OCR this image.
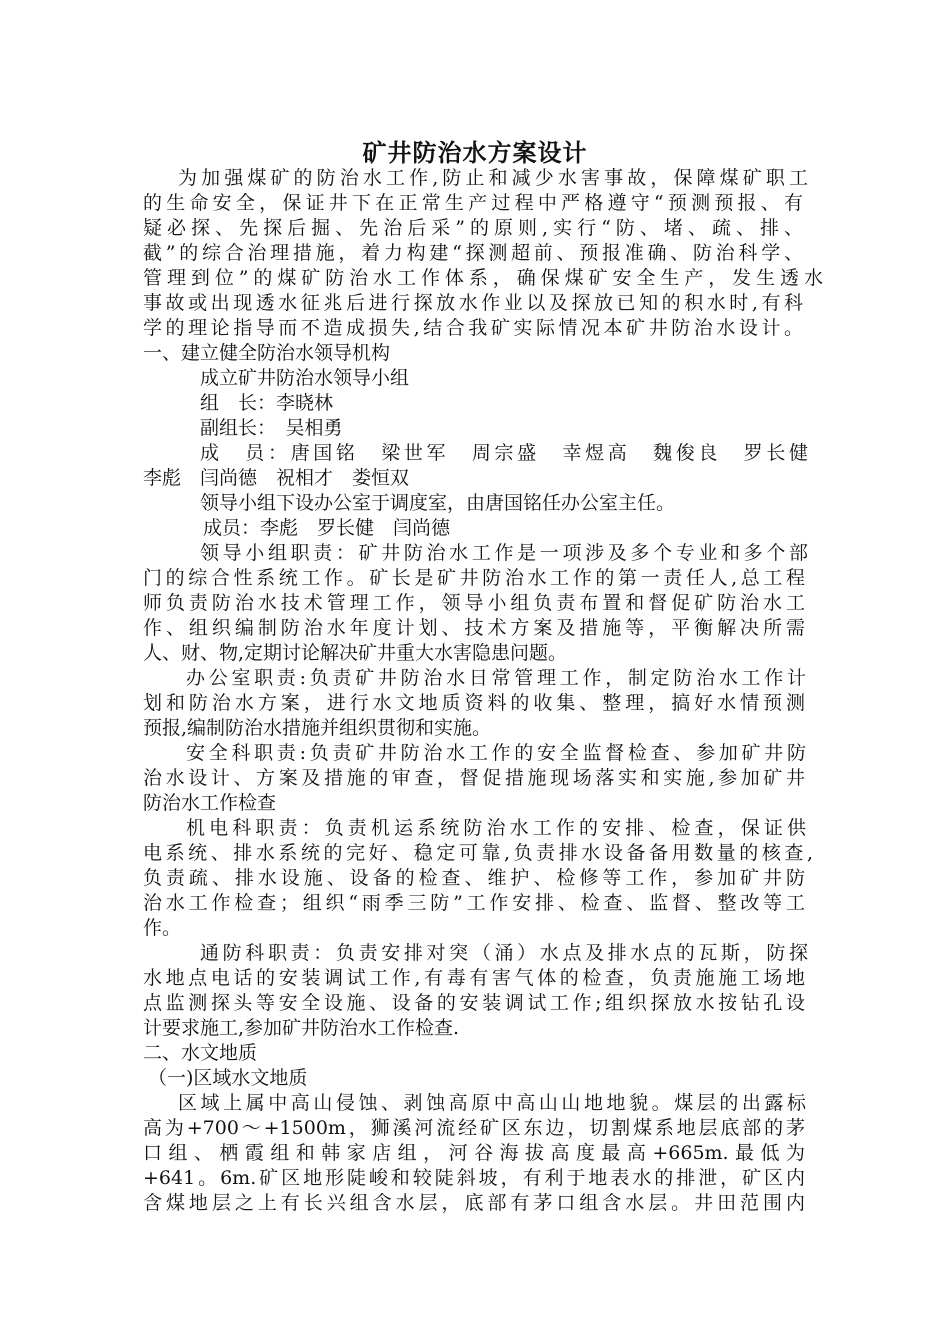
矿井防治水方案设计
为加强煤矿的防治水工作,防止和减少水害事故，保障煤矿职工
的生命安全，保证井下在正常生产过程中严格遵守“预测预报、有
疑必探、先探后掘、先治后采”的原则,实行“防、堵、疏、排、
截”的综合治理措施，着力构建“探测超前、预报准确、防治科学、
管理到位”的煤矿防治水工作体系，确保煤矿安全生产，发生透水
事故或出现透水征兆后进行探放水作业以及探放已知的积水时,有科
学的理论指导而不造成损失,结合我矿实际情况本矿井防治水设计。
一、建立健全防治水领导机构
成立矿井防治水领导小组
组　长：李晓林
副组长：　吴相勇
成　员：唐国铭　梁世军　周宗盛　幸煜高　魏俊良　罗长健
李彪　闫尚德　祝相才　娄恒双
领导小组下设办公室于调度室，由唐国铭任办公室主任。
成员：李彪　罗长健　闫尚德
领导小组职责：矿井防治水工作是一项涉及多个专业和多个部
门的综合性系统工作。矿长是矿井防治水工作的第一责任人,总工程
师负责防治水技术管理工作，领导小组负责布置和督促矿防治水工
作、组织编制防治水年度计划、技术方案及措施等，平衡解决所需
人、财、物,定期讨论解决矿井重大水害隐患问题。
办公室职责:负责矿井防治水日常管理工作，制定防治水工作计
划和防治水方案，进行水文地质资料的收集、整理，搞好水情预测
预报,编制防治水措施并组织贯彻和实施。
安全科职责:负责矿井防治水工作的安全监督检查、参加矿井防
治水设计、方案及措施的审查，督促措施现场落实和实施,参加矿井
防治水工作检查
机电科职责：负责机运系统防治水工作的安排、检查，保证供
电系统、排水系统的完好、稳定可靠,负责排水设备备用数量的核查,
负责疏、排水设施、设备的检查、维护、检修等工作，参加矿井防
治水工作检查；组织“雨季三防”工作安排、检查、监督、整改等工
作。
通防科职责：负责安排对突（涌）水点及排水点的瓦斯，防探
水地点电话的安装调试工作,有毒有害气体的检查，负责施施工场地
点监测探头等安全设施、设备的安装调试工作;组织探放水按钻孔设
计要求施工,参加矿井防治水工作检查.
二、水文地质
（一)区域水文地质
区域上属中高山侵蚀、剥蚀高原中高山山地地貌。煤层的出露标
高为+700～+1500m，狮溪河流经矿区东边，切割煤系地层底部的茅
口组、栖霞组和韩家店组，河谷海拔高度最高+665m.最低为
+641。6m.矿区地形陡峻和较陡斜坡，有利于地表水的排泄，矿区内
含煤地层之上有长兴组含水层，底部有茅口组含水层。井田范围内
